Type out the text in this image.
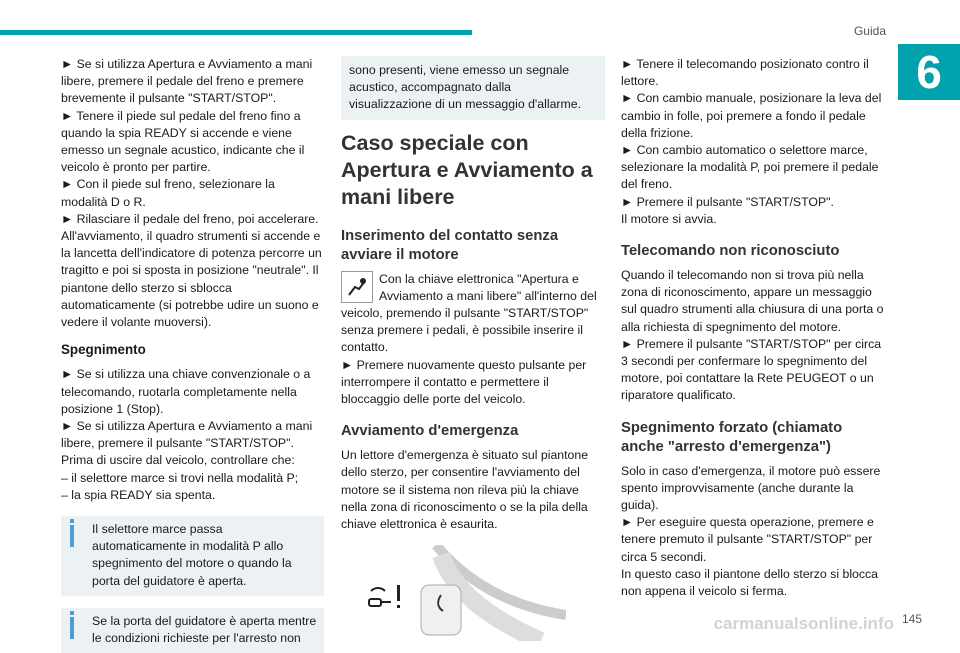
Guida
6

► Se si utilizza Apertura e Avviamento a mani libere, premere il pedale del freno e premere brevemente il pulsante "START/STOP".

► Tenere il piede sul pedale del freno fino a quando la spia READY si accende e viene emesso un segnale acustico, indicante che il veicolo è pronto per partire.

► Con il piede sul freno, selezionare la modalità D o R.

► Rilasciare il pedale del freno, poi accelerare.

All'avviamento, il quadro strumenti si accende e la lancetta dell'indicatore di potenza percorre un tragitto e poi si sposta in posizione "neutrale". Il piantone dello sterzo si sblocca automaticamente (si potrebbe udire un suono e vedere il volante muoversi).

Spegnimento

► Se si utilizza una chiave convenzionale o a telecomando, ruotarla completamente nella posizione 1 (Stop).

► Se si utilizza Apertura e Avviamento a mani libere, premere il pulsante "START/STOP".

Prima di uscire dal veicolo, controllare che:

– il selettore marce si trovi nella modalità P;

– la spia READY sia spenta.

Il selettore marce passa automaticamente in modalità P allo spegnimento del motore o quando la porta del guidatore è aperta.
Se la porta del guidatore è aperta mentre le condizioni richieste per l'arresto non
sono presenti, viene emesso un segnale acustico, accompagnato dalla visualizzazione di un messaggio d'allarme.
Caso speciale con Apertura e Avviamento a mani libere
Inserimento del contatto senza avviare il motore

Con la chiave elettronica "Apertura e Avviamento a mani libere" all'interno del veicolo, premendo il pulsante "START/STOP" senza premere i pedali, è possibile inserire il contatto.

► Premere nuovamente questo pulsante per interrompere il contatto e permettere il bloccaggio delle porte del veicolo.

Avviamento d'emergenza

Un lettore d'emergenza è situato sul piantone dello sterzo, per consentire l'avviamento del motore se il sistema non rileva più la chiave nella zona di riconoscimento o se la pila della chiave elettronica è esaurita.

► Tenere il telecomando posizionato contro il lettore.

► Con cambio manuale, posizionare la leva del cambio in folle, poi premere a fondo il pedale della frizione.

► Con cambio automatico o selettore marce, selezionare la modalità P, poi premere il pedale del freno.

► Premere il pulsante "START/STOP".

Il motore si avvia.

Telecomando non riconosciuto

Quando il telecomando non si trova più nella zona di riconoscimento, appare un messaggio sul quadro strumenti alla chiusura di una porta o alla richiesta di spegnimento del motore.

► Premere il pulsante "START/STOP" per circa 3 secondi per confermare lo spegnimento del motore, poi contattare la Rete PEUGEOT o un riparatore qualificato.

Spegnimento forzato (chiamato anche "arresto d'emergenza")

Solo in caso d'emergenza, il motore può essere spento improvvisamente (anche durante la guida).

► Per eseguire questa operazione, premere e tenere premuto il pulsante "START/STOP" per circa 5 secondi.

In questo caso il piantone dello sterzo si blocca non appena il veicolo si ferma.

carmanualsonline.info 145
